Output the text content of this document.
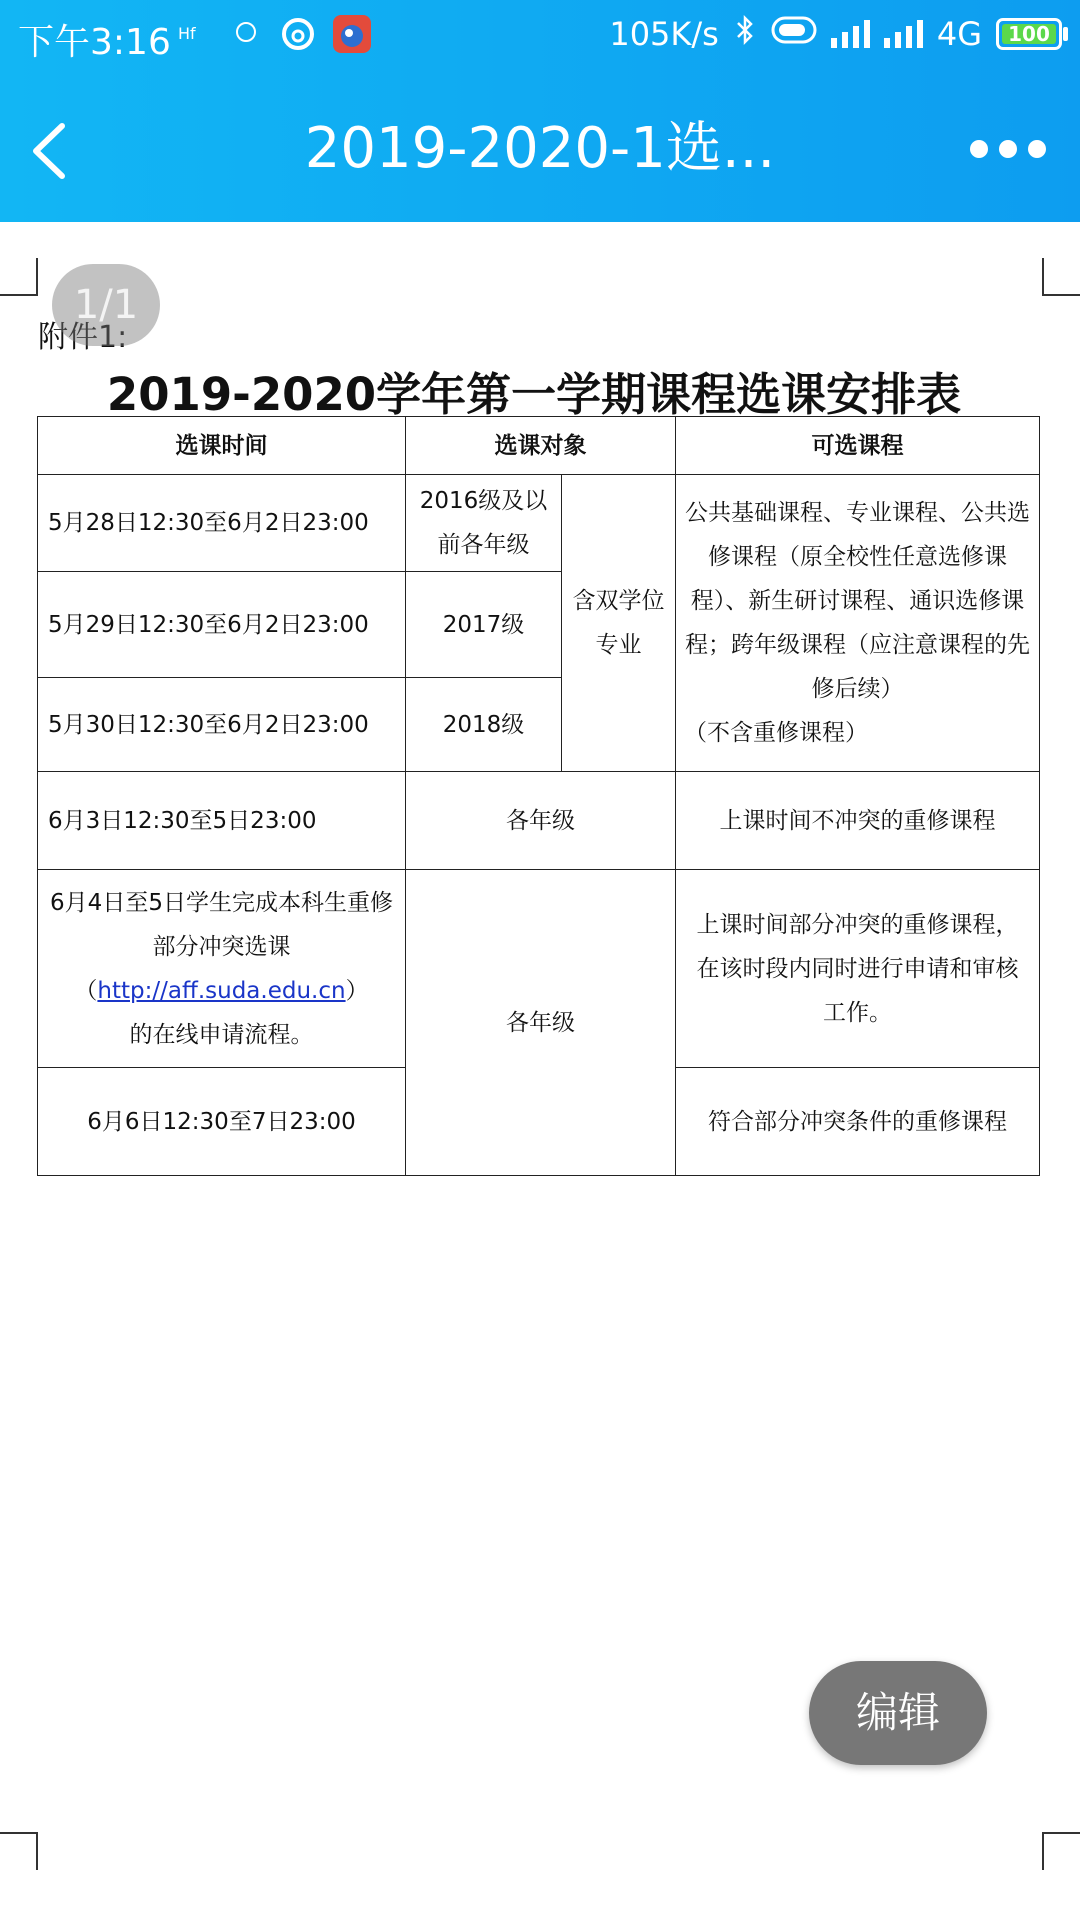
下午3:16 Hf	105K/s	4G	100
2019-2020-1选...
附件1:
1/1
2019-2020学年第一学期课程选课安排表
选课时间	选课对象		可选课程
5月28日12:30至6月2日23:00	2016级及以前各年级	含双学位专业	公共基础课程、专业课程、公共选修课程（原全校性任意选修课程）、新生研讨课程、通识选修课程；跨年级课程（应注意课程的先修后续）
（不含重修课程）

5月29日12:30至6月2日23:00	2017级		
5月30日12:30至6月2日23:00	2018级		
6月3日12:30至5日23:00	各年级		上课时间不冲突的重修课程
6月4日至5日学生完成本科生重修部分冲突选课（http://aff.suda.edu.cn）
的在线申请流程。	各年级		上课时间部分冲突的重修课程，在该时段内同时进行申请和审核工作。
6月6日12:30至7日23:00			符合部分冲突条件的重修课程
编辑
